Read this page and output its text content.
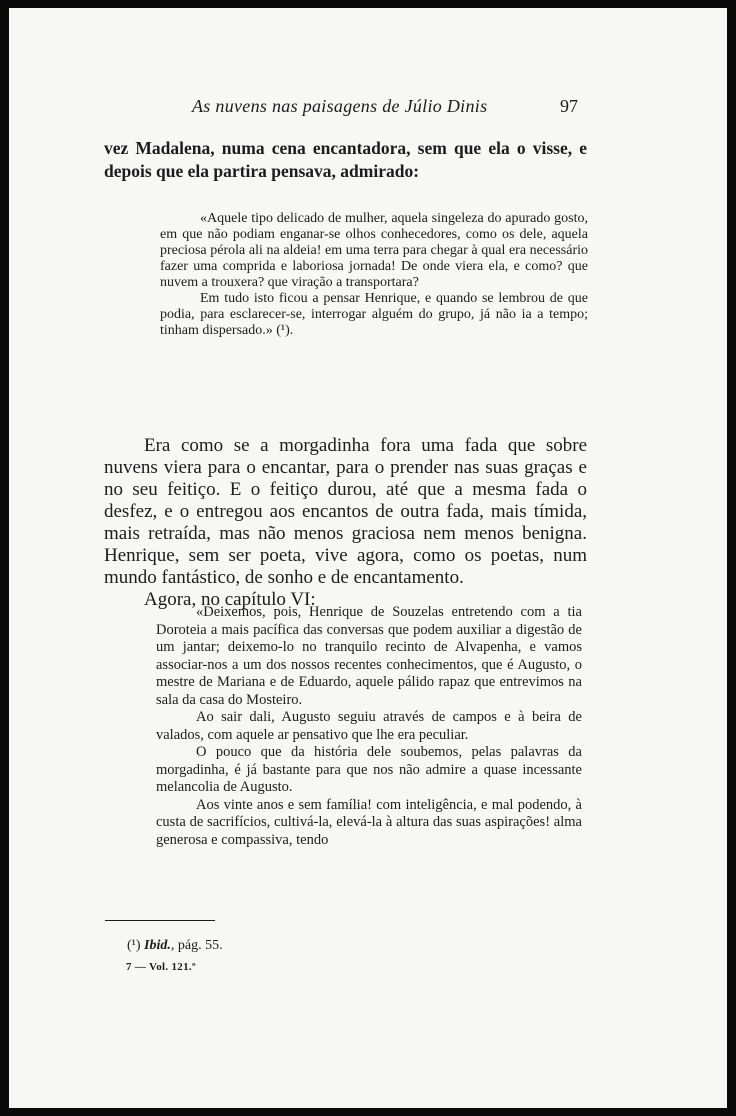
As nuvens nas paisagens de Júlio Dinis	97

vez Madalena, numa cena encantadora, sem que ela o visse, e depois que ela partira pensava, admirado:

«Aquele tipo delicado de mulher, aquela singeleza do apurado gosto, em que não podiam enganar-se olhos conhecedores, como os dele, aquela preciosa pérola ali na aldeia! em uma terra para chegar à qual era necessário fazer uma comprida e laboriosa jornada! De onde viera ela, e como? que nuvem a trouxera? que viração a transportara?

Em tudo isto ficou a pensar Henrique, e quando se lembrou de que podia, para esclarecer-se, interrogar alguém do grupo, já não ia a tempo; tinham dispersado.» (¹).

Era como se a morgadinha fora uma fada que sobre nuvens viera para o encantar, para o prender nas suas graças e no seu feitiço. E o feitiço durou, até que a mesma fada o desfez, e o entregou aos encantos de outra fada, mais tímida, mais retraída, mas não menos graciosa nem menos benigna. Henrique, sem ser poeta, vive agora, como os poetas, num mundo fantástico, de sonho e de encantamento.

Agora, no capítulo VI:

«Deixemos, pois, Henrique de Souzelas entretendo com a tia Doroteia a mais pacífica das conversas que podem auxiliar a digestão de um jantar; deixemo-lo no tranquilo recinto de Alvapenha, e vamos associar-nos a um dos nossos recentes conhecimentos, que é Augusto, o mestre de Mariana e de Eduardo, aquele pálido rapaz que entrevimos na sala da casa do Mosteiro.

Ao sair dali, Augusto seguiu através de campos e à beira de valados, com aquele ar pensativo que lhe era peculiar.

O pouco que da história dele soubemos, pelas palavras da morgadinha, é já bastante para que nos não admire a quase incessante melancolia de Augusto.

Aos vinte anos e sem família! com inteligência, e mal podendo, à custa de sacrifícios, cultivá-la, elevá-la à altura das suas aspirações! alma generosa e compassiva, tendo

(¹) Ibid., pág. 55.
7 — Vol. 121.º
